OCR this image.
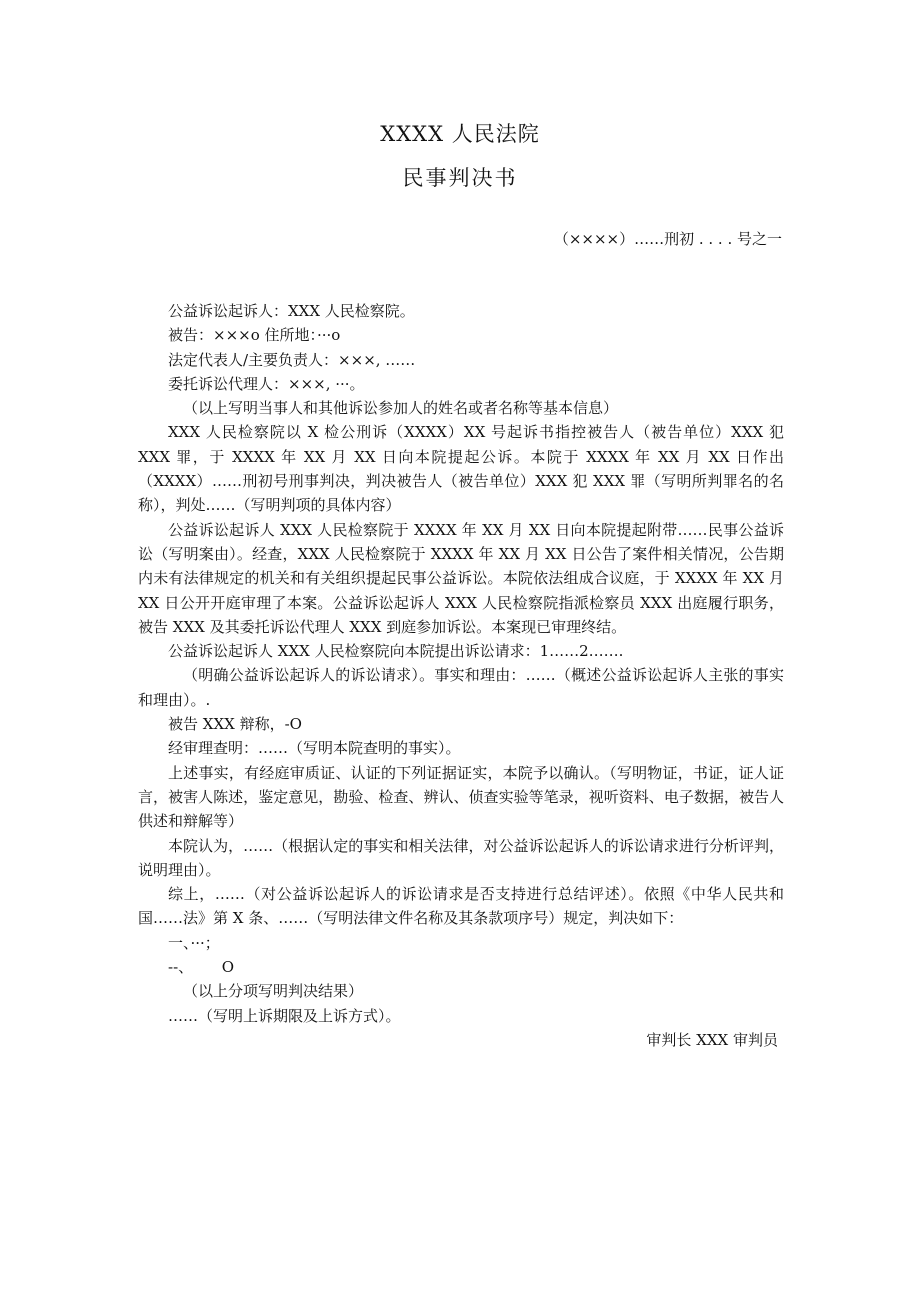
XXXX 人民法院
民事判决书
（××××）……刑初 . . . . 号之一

公益诉讼起诉人：XXX 人民检察院。

被告：×××o 住所地：···o

法定代表人/主要负责人：×××, ……

委托诉讼代理人：×××, ···。

（以上写明当事人和其他诉讼参加人的姓名或者名称等基本信息）

XXX 人民检察院以 X 检公刑诉（XXXX）XX 号起诉书指控被告人（被告单位）XXX 犯 XXX 罪，于 XXXX 年 XX 月 XX 日向本院提起公诉。本院于 XXXX 年 XX 月 XX 日作出（XXXX）……刑初号刑事判决，判决被告人（被告单位）XXX 犯 XXX 罪（写明所判罪名的名称），判处……（写明判项的具体内容）

公益诉讼起诉人 XXX 人民检察院于 XXXX 年 XX 月 XX 日向本院提起附带……民事公益诉讼（写明案由）。经查，XXX 人民检察院于 XXXX 年 XX 月 XX 日公告了案件相关情况，公告期内未有法律规定的机关和有关组织提起民事公益诉讼。本院依法组成合议庭，于 XXXX 年 XX 月 XX 日公开开庭审理了本案。公益诉讼起诉人 XXX 人民检察院指派检察员 XXX 出庭履行职务，被告 XXX 及其委托诉讼代理人 XXX 到庭参加诉讼。本案现已审理终结。

公益诉讼起诉人 XXX 人民检察院向本院提出诉讼请求：1……2…….

（明确公益诉讼起诉人的诉讼请求）。事实和理由：……（概述公益诉讼起诉人主张的事实和理由）。.

被告 XXX 辩称，-O

经审理查明：……（写明本院查明的事实）。

上述事实，有经庭审质证、认证的下列证据证实，本院予以确认。（写明物证，书证，证人证言，被害人陈述，鉴定意见，勘验、检查、辨认、侦查实验等笔录，视听资料、电子数据，被告人供述和辩解等）

本院认为，……（根据认定的事实和相关法律，对公益诉讼起诉人的诉讼请求进行分析评判，说明理由）。

综上，……（对公益诉讼起诉人的诉讼请求是否支持进行总结评述）。依照《中华人民共和国……法》第 X 条、……（写明法律文件名称及其条款项序号）规定，判决如下：

一、···；

--、      O

（以上分项写明判决结果）

……（写明上诉期限及上诉方式）。

审判长 XXX 审判员
